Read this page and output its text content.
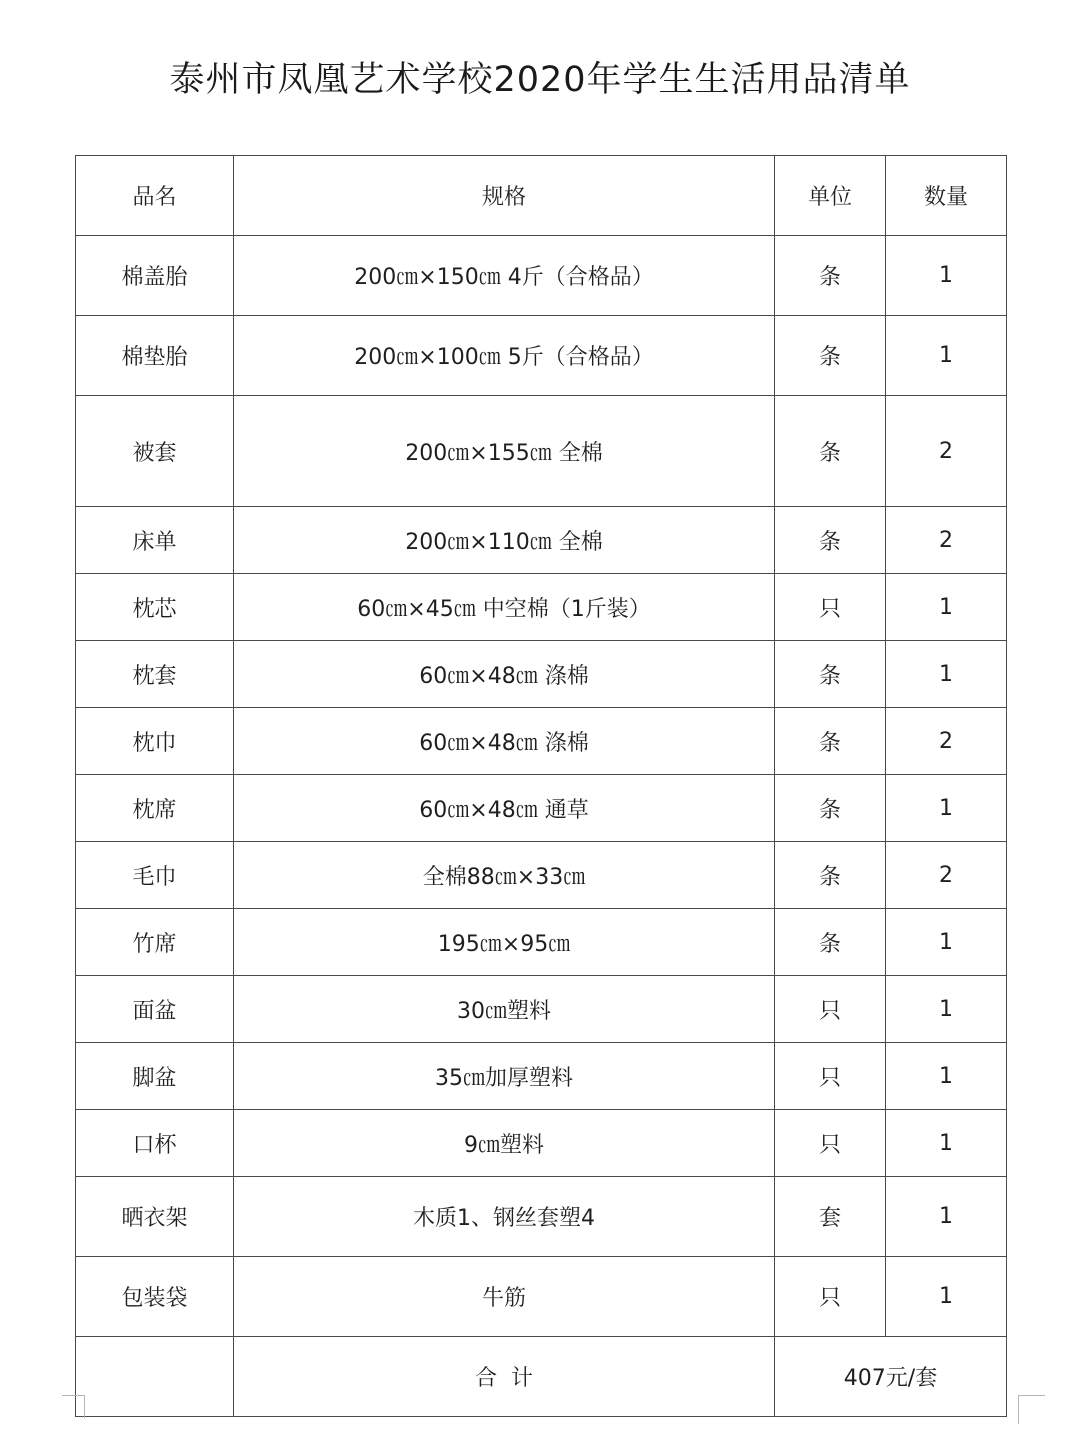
泰州市凤凰艺术学校2020年学生生活用品清单
品名	规格	单位	数量
棉盖胎	200㎝×150㎝ 4斤（合格品）	条	1
棉垫胎	200㎝×100㎝ 5斤（合格品）	条	1
被套	200㎝×155㎝ 全棉	条	2
床单	200㎝×110㎝ 全棉	条	2
枕芯	60㎝×45㎝ 中空棉（1斤装）	只	1
枕套	60㎝×48㎝ 涤棉	条	1
枕巾	60㎝×48㎝ 涤棉	条	2
枕席	60㎝×48㎝ 通草	条	1
毛巾	全棉88㎝×33㎝	条	2
竹席	195㎝×95㎝	条	1
面盆	30㎝塑料	只	1
脚盆	35㎝加厚塑料	只	1
口杯	9㎝塑料	只	1
晒衣架	木质1、钢丝套塑4	套	1
包装袋	牛筋	只	1
	合  计	407元/套	
